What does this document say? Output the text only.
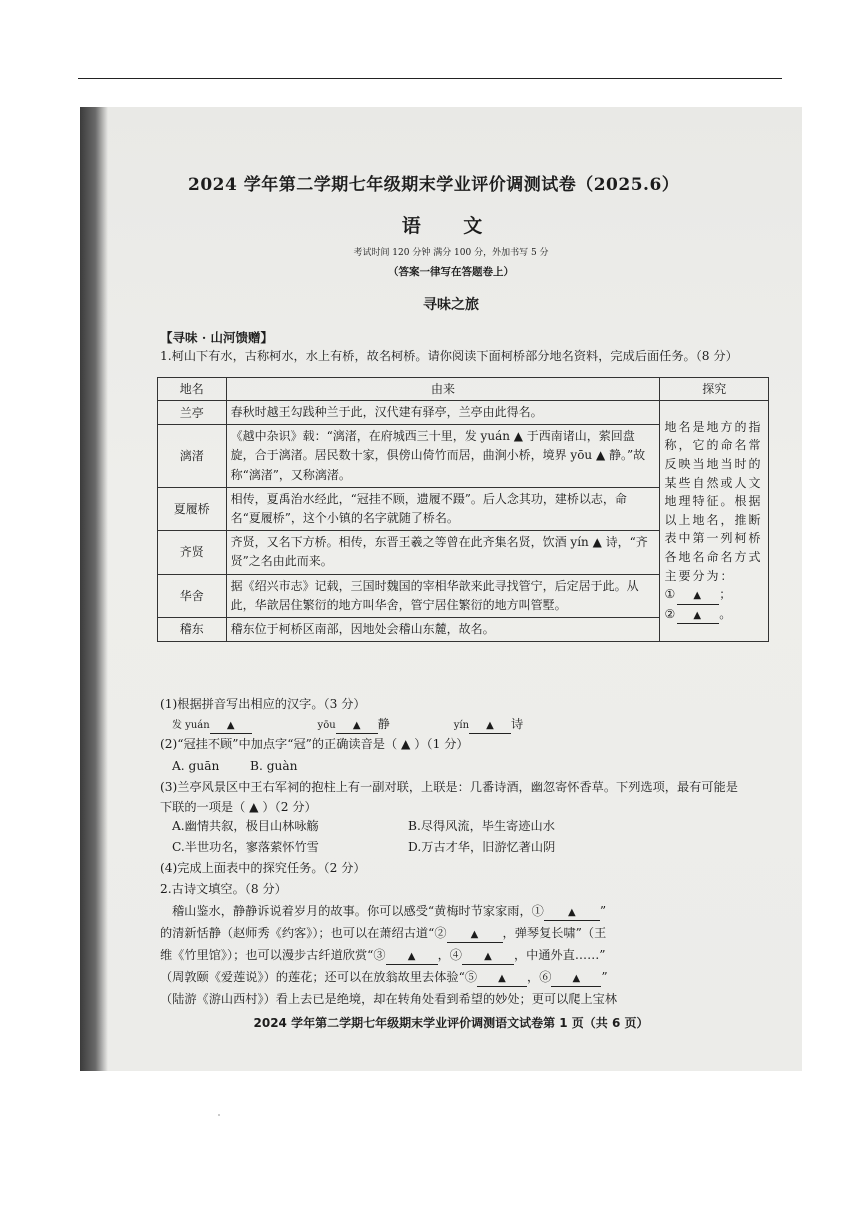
2024 学年第二学期七年级期末学业评价调测试卷（2025.6）
语 文
考试时间 120 分钟 满分 100 分，外加书写 5 分
（答案一律写在答题卷上）
寻味之旅
【寻味 · 山河馈赠】
1.柯山下有水，古称柯水，水上有桥，故名柯桥。请你阅读下面柯桥部分地名资料，完成后面任务。（8 分）
地名	由来	探究
兰亭	春秋时越王勾践种兰于此，汉代建有驿亭，兰亭由此得名。	地名是地方的指称，它的命名常反映当地当时的某些自然或人文地理特征。根据以上地名，推断表中第一列柯桥各地名命名方式主要分为：
① ▲ ；
② ▲ 。

漓渚	《越中杂识》载：“漓渚，在府城西三十里，发 yuán ▲ 于西南诸山，萦回盘旋，合于漓渚。居民数十家，俱傍山倚竹而居，曲涧小桥，境界 yōu ▲ 静。”故称“漓渚”，又称漓渚。	
夏履桥	相传，夏禹治水经此，“冠挂不顾，遗履不蹑”。后人念其功，建桥以志，命名“夏履桥”，这个小镇的名字就随了桥名。	
齐贤	齐贤，又名下方桥。相传，东晋王羲之等曾在此齐集名贤，饮酒 yín ▲ 诗，“齐贤”之名由此而来。	
华舍	据《绍兴市志》记载，三国时魏国的宰相华歆来此寻找管宁，后定居于此。从此，华歆居住繁衍的地方叫华舍，管宁居住繁衍的地方叫管墅。	
稽东	稽东位于柯桥区南部，因地处会稽山东麓，故名。	
(1)根据拼音写出相应的汉字。（3 分）
发 yuán ▲	yōu ▲ 静	yín ▲ 诗
(2)“冠挂不顾”中加点字“冠”的正确读音是（ ▲ ）（1 分）
A. guān	B. guàn
(3)兰亭风景区中王右军祠的抱柱上有一副对联，上联是：几番诗酒，幽忽寄怀香草。下列选项，最有可能是下联的一项是（ ▲ ）（2 分）
A.幽情共叙，极目山林咏觞	B.尽得风流，毕生寄迹山水
C.半世功名，寥落萦怀竹雪	D.万古才华，旧游忆著山阴
(4)完成上面表中的探究任务。（2 分）
2.古诗文填空。（8 分）
稽山鉴水，静静诉说着岁月的故事。你可以感受“黄梅时节家家雨，① ▲ ”
的清新恬静（赵师秀《约客》）；也可以在萧绍古道“② ▲ ，弹琴复长啸”（王
维《竹里馆》）；也可以漫步古纤道欣赏“③ ▲ ，④ ▲ ，中通外直……”
（周敦颐《爱莲说》）的莲花；还可以在放翁故里去体验“⑤ ▲ ，⑥ ▲ ”
（陆游《游山西村》）看上去已是绝境，却在转角处看到希望的妙处；更可以爬上宝林
2024 学年第二学期七年级期末学业评价调测语文试卷第 1 页（共 6 页）
